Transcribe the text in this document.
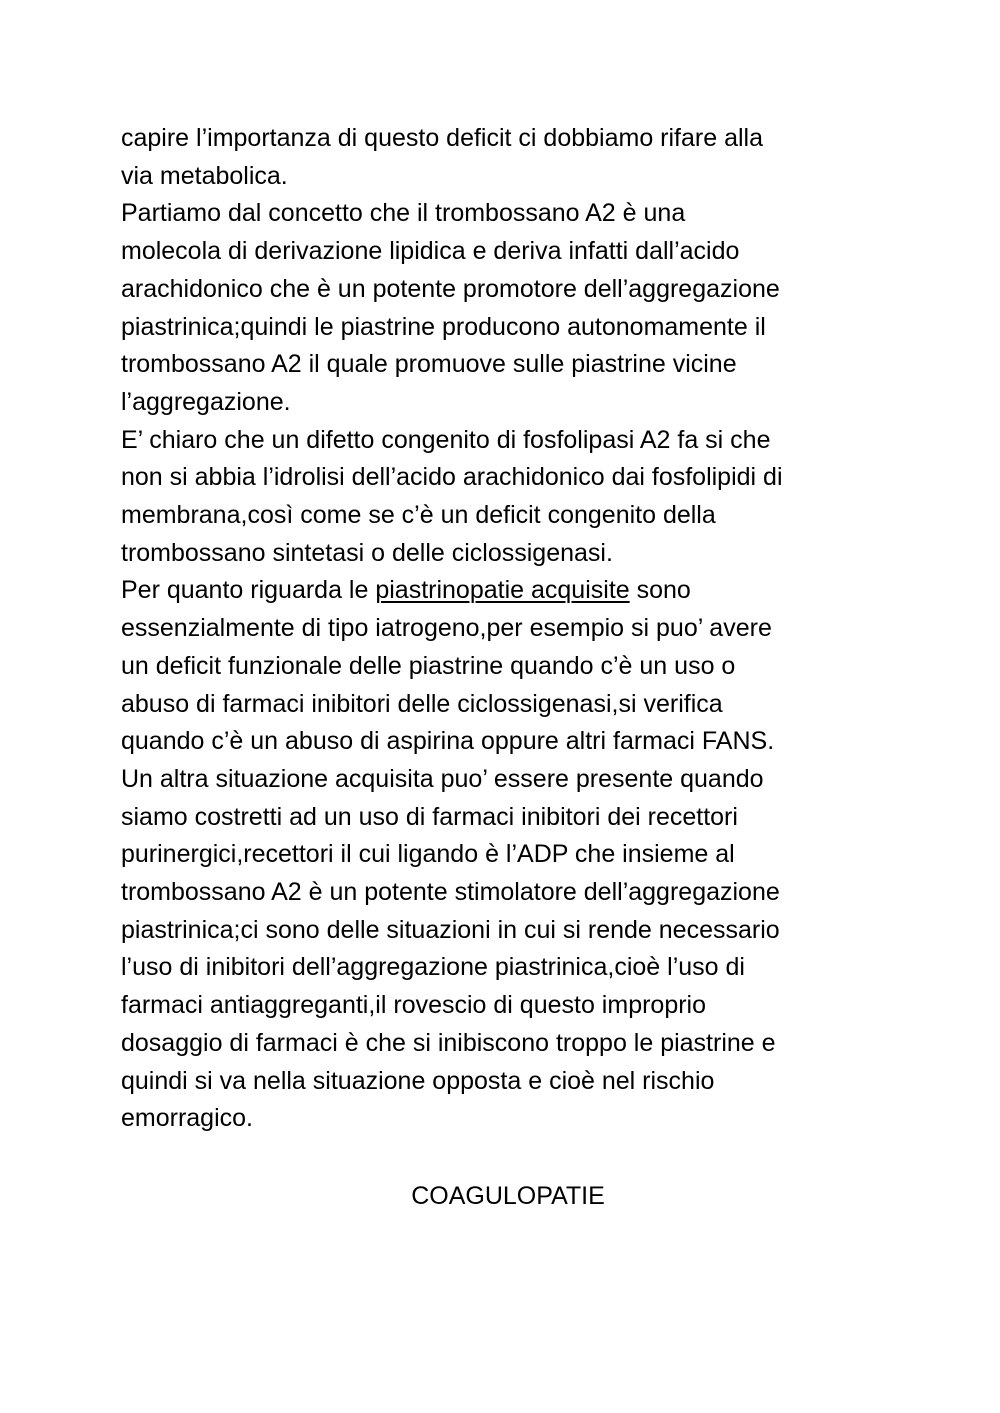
capire l’importanza di questo deficit ci dobbiamo rifare alla
via metabolica.
Partiamo dal concetto che il trombossano A2 è una
molecola di derivazione lipidica e deriva infatti dall’acido
arachidonico che è un potente promotore dell’aggregazione
piastrinica;quindi le piastrine producono autonomamente il
trombossano A2 il quale promuove sulle piastrine vicine
l’aggregazione.
E’ chiaro che un difetto congenito di fosfolipasi A2 fa si che
non si abbia l’idrolisi dell’acido arachidonico dai fosfolipidi di
membrana,così come se c’è un deficit congenito della
trombossano sintetasi o delle ciclossigenasi.
Per quanto riguarda le piastrinopatie acquisite sono
essenzialmente di tipo iatrogeno,per esempio si puo’ avere
un deficit funzionale delle piastrine quando c’è un uso o
abuso di farmaci inibitori delle ciclossigenasi,si verifica
quando c’è un abuso di aspirina oppure altri farmaci FANS.
Un altra situazione acquisita puo’ essere presente quando
siamo costretti ad un uso di farmaci inibitori dei recettori
purinergici,recettori il cui ligando è l’ADP che insieme al
trombossano A2 è un potente stimolatore dell’aggregazione
piastrinica;ci sono delle situazioni in cui si rende necessario
l’uso di inibitori dell’aggregazione piastrinica,cioè l’uso di
farmaci antiaggreganti,il rovescio di questo improprio
dosaggio di farmaci è che si inibiscono troppo le piastrine e
quindi si va nella situazione opposta e cioè nel rischio
emorragico.
COAGULOPATIE
